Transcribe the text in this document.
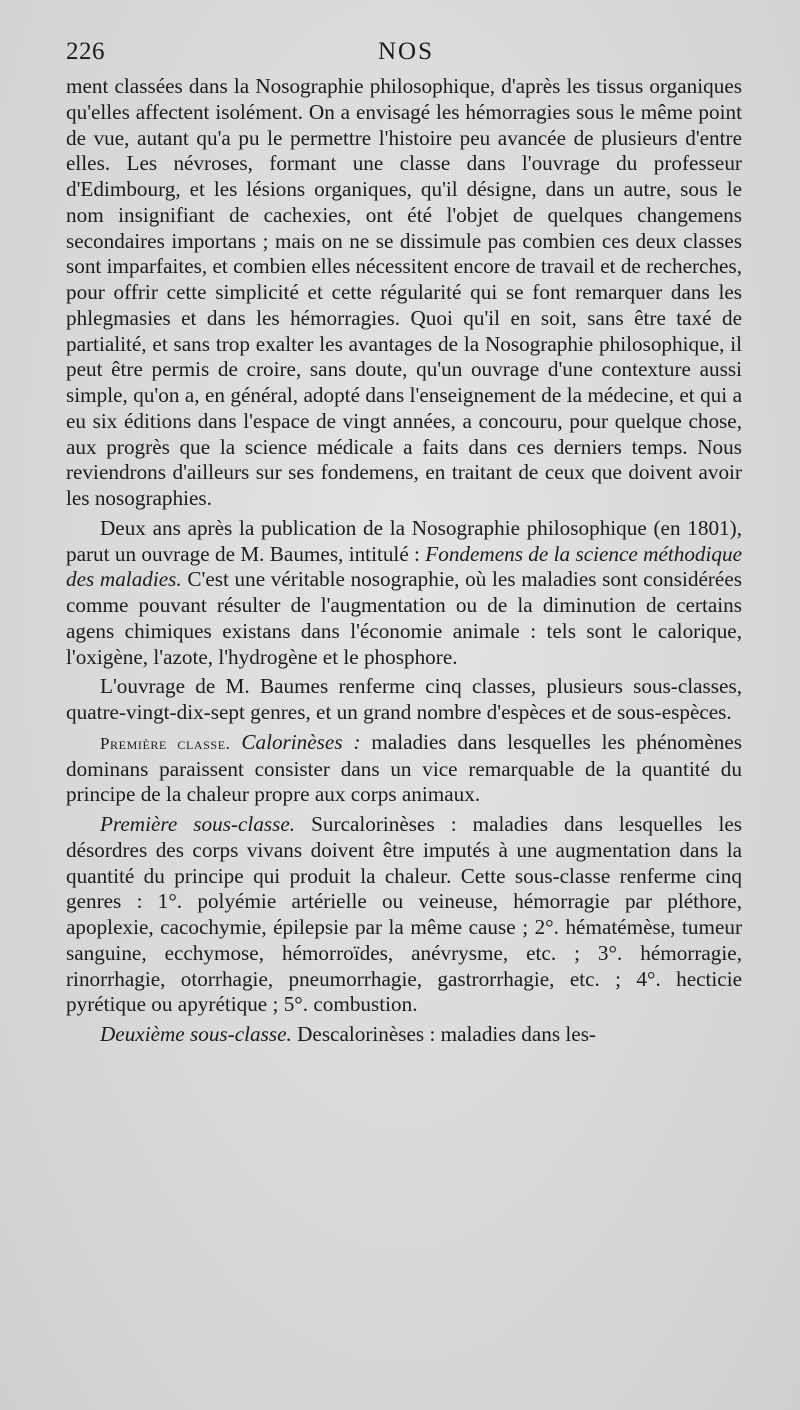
226	NOS

ment classées dans la Nosographie philosophique, d'après les tissus organiques qu'elles affectent isolément. On a envisagé les hémorragies sous le même point de vue, autant qu'a pu le permettre l'histoire peu avancée de plusieurs d'entre elles. Les névroses, formant une classe dans l'ouvrage du professeur d'Edimbourg, et les lésions organiques, qu'il désigne, dans un autre, sous le nom insignifiant de cachexies, ont été l'objet de quelques changemens secondaires importans ; mais on ne se dissimule pas combien ces deux classes sont imparfaites, et combien elles nécessitent encore de travail et de recherches, pour offrir cette simplicité et cette régularité qui se font remarquer dans les phlegmasies et dans les hémorragies. Quoi qu'il en soit, sans être taxé de partialité, et sans trop exalter les avantages de la Nosographie philosophique, il peut être permis de croire, sans doute, qu'un ouvrage d'une contexture aussi simple, qu'on a, en général, adopté dans l'enseignement de la médecine, et qui a eu six éditions dans l'espace de vingt années, a concouru, pour quelque chose, aux progrès que la science médicale a faits dans ces derniers temps. Nous reviendrons d'ailleurs sur ses fondemens, en traitant de ceux que doivent avoir les nosographies.

Deux ans après la publication de la Nosographie philosophique (en 1801), parut un ouvrage de M. Baumes, intitulé : Fondemens de la science méthodique des maladies. C'est une véritable nosographie, où les maladies sont considérées comme pouvant résulter de l'augmentation ou de la diminution de certains agens chimiques existans dans l'économie animale : tels sont le calorique, l'oxigène, l'azote, l'hydrogène et le phosphore.

L'ouvrage de M. Baumes renferme cinq classes, plusieurs sous-classes, quatre-vingt-dix-sept genres, et un grand nombre d'espèces et de sous-espèces.

Première classe. Calorinèses : maladies dans lesquelles les phénomènes dominans paraissent consister dans un vice remarquable de la quantité du principe de la chaleur propre aux corps animaux.

Première sous-classe. Surcalorinèses : maladies dans lesquelles les désordres des corps vivans doivent être imputés à une augmentation dans la quantité du principe qui produit la chaleur. Cette sous-classe renferme cinq genres : 1°. polyémie artérielle ou veineuse, hémorragie par pléthore, apoplexie, cacochymie, épilepsie par la même cause ; 2°. hématémèse, tumeur sanguine, ecchymose, hémorroïdes, anévrysme, etc. ; 3°. hémorragie, rinorrhagie, otorrhagie, pneumorrhagie, gastrorrhagie, etc. ; 4°. hecticie pyrétique ou apyrétique ; 5°. combustion.

Deuxième sous-classe. Descalorinèses : maladies dans les-
